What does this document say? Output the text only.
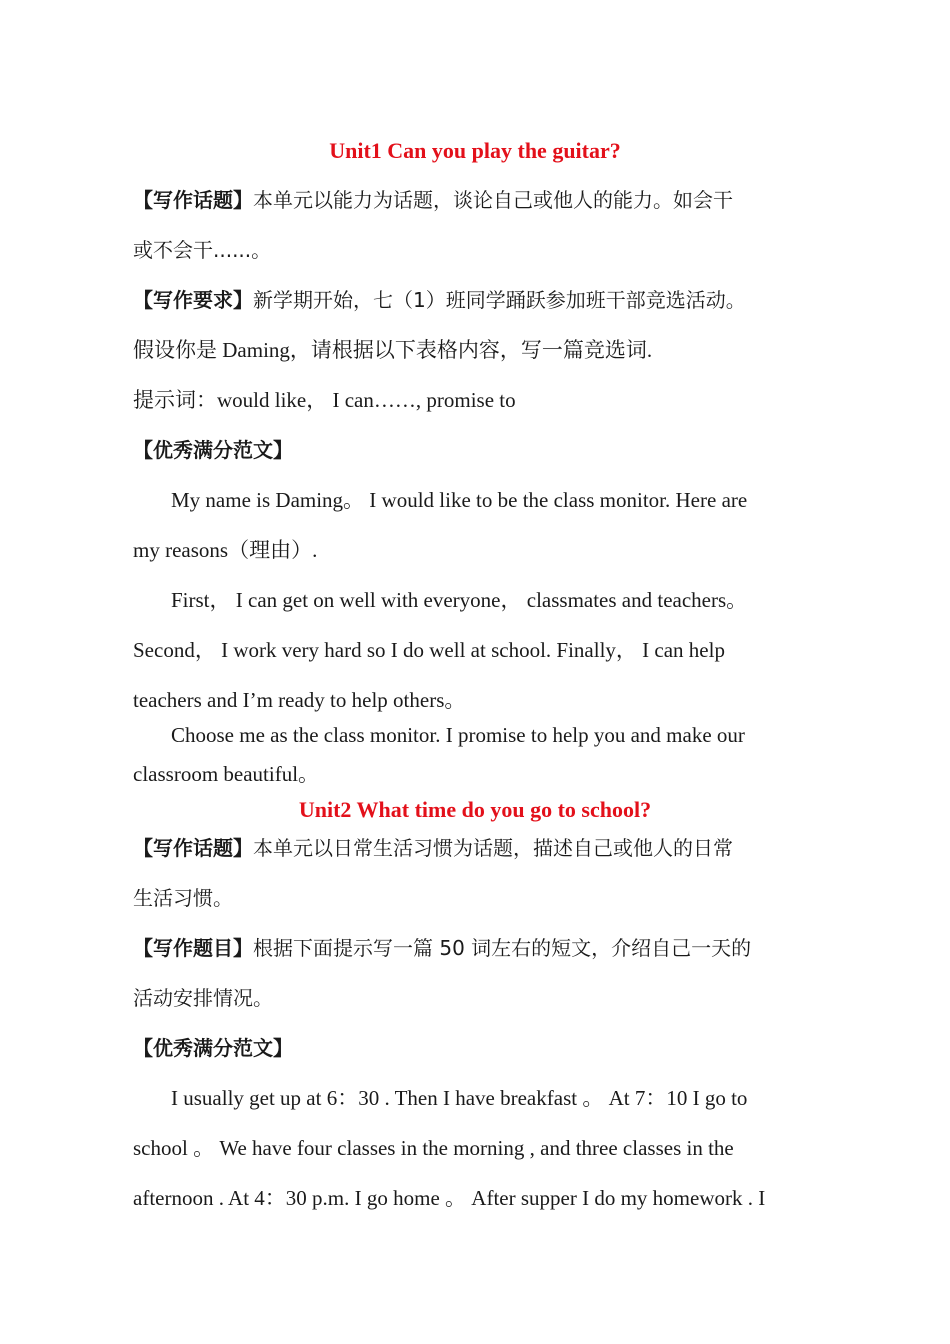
Unit1 Can you play the guitar?
【写作话题】本单元以能力为话题，谈论自己或他人的能力。如会干
或不会干......。
【写作要求】新学期开始，七（1）班同学踊跃参加班干部竞选活动。
假设你是 Daming，请根据以下表格内容，写一篇竞选词.
提示词：would like， I can……, promise to
【优秀满分范文】
My name is Daming。 I would like to be the class monitor. Here are
my reasons（理由）.
First， I can get on well with everyone， classmates and teachers。
Second， I work very hard so I do well at school. Finally， I can help
teachers and I’m ready to help others。
Choose me as the class monitor. I promise to help you and make our
classroom beautiful。
Unit2 What time do you go to school?
【写作话题】本单元以日常生活习惯为话题，描述自己或他人的日常
生活习惯。
【写作题目】根据下面提示写一篇 50 词左右的短文，介绍自己一天的
活动安排情况。
【优秀满分范文】
I usually get up at 6：30 . Then I have breakfast 。 At 7：10 I go to
school 。 We have four classes in the morning , and three classes in the
afternoon . At 4：30 p.m. I go home 。 After supper I do my homework . I
